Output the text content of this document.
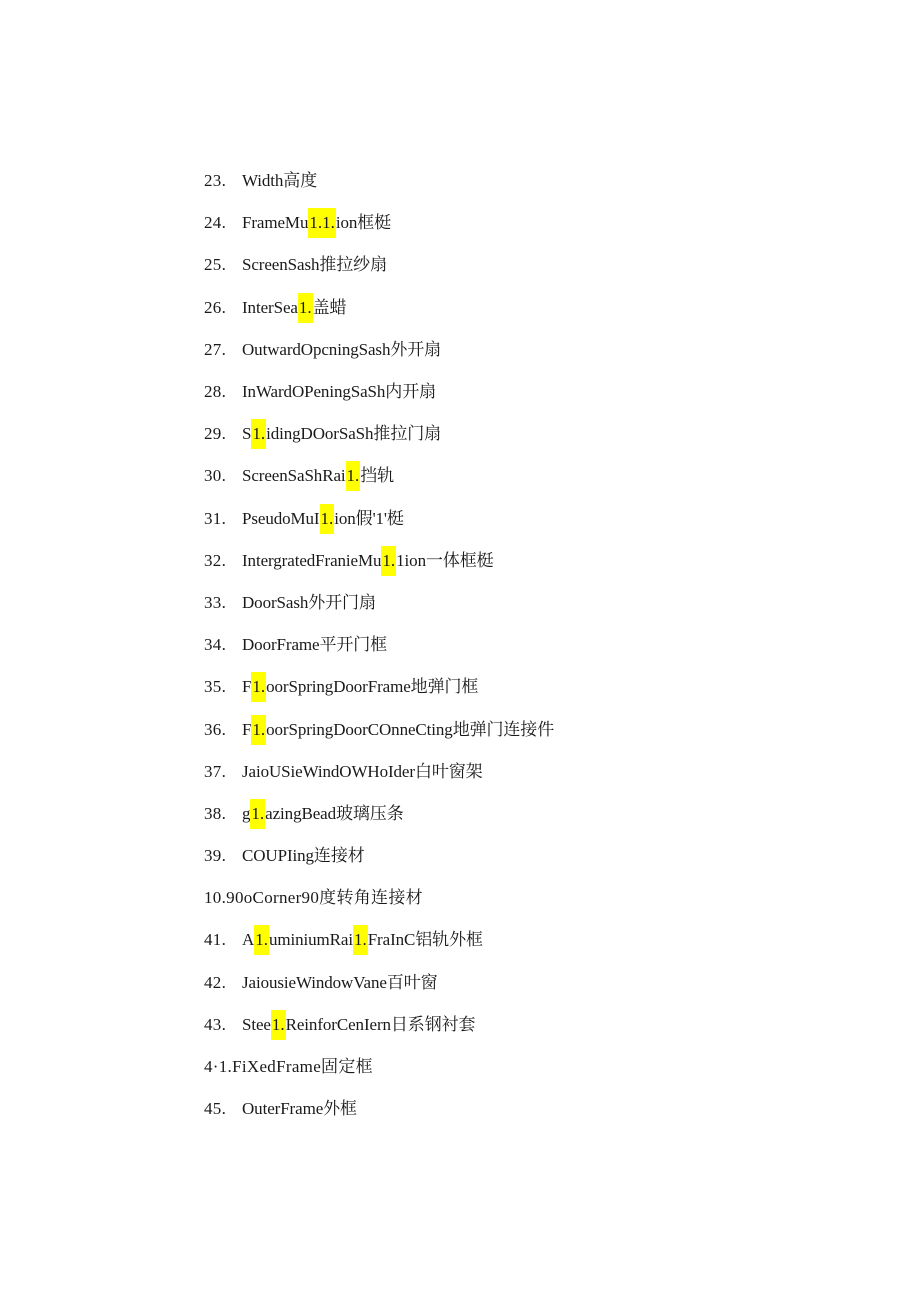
23. Width高度
24. FrameMu 1.1. ion框梃
25. ScreenSash推拉纱扇
26. InterSea 1. 盖蜡
27. OutwardOpcningSash外开扇
28. InWardOPeningSaSh内开扇
29. S 1. idingDOorSaSh推拉门扇
30. ScreenSaShRai 1. 挡轨
31. PseudoMuI 1. ion假'1'梃
32. IntergratedFranieMu 1. 1ion一体框梃
33. DoorSash外开门扇
34. DoorFrame平开门框
35. F 1. oorSpringDoorFrame地弹门框
36. F 1. oorSpringDoorCOnneCting地弹门连接件
37. JaioUSieWindOWHoIder白叶窗架
38. g 1. azingBead玻璃压条
39. COUPIing连接材
10.90oCorner90度转角连接材
41. A 1. uminiumRai 1. FraInC铝轨外框
42. JaiousieWindowVane百叶窗
43. Stee 1. ReinforCenIern日系钢衬套
4·1.FiXedFrame固定框
45. OuterFrame外框
